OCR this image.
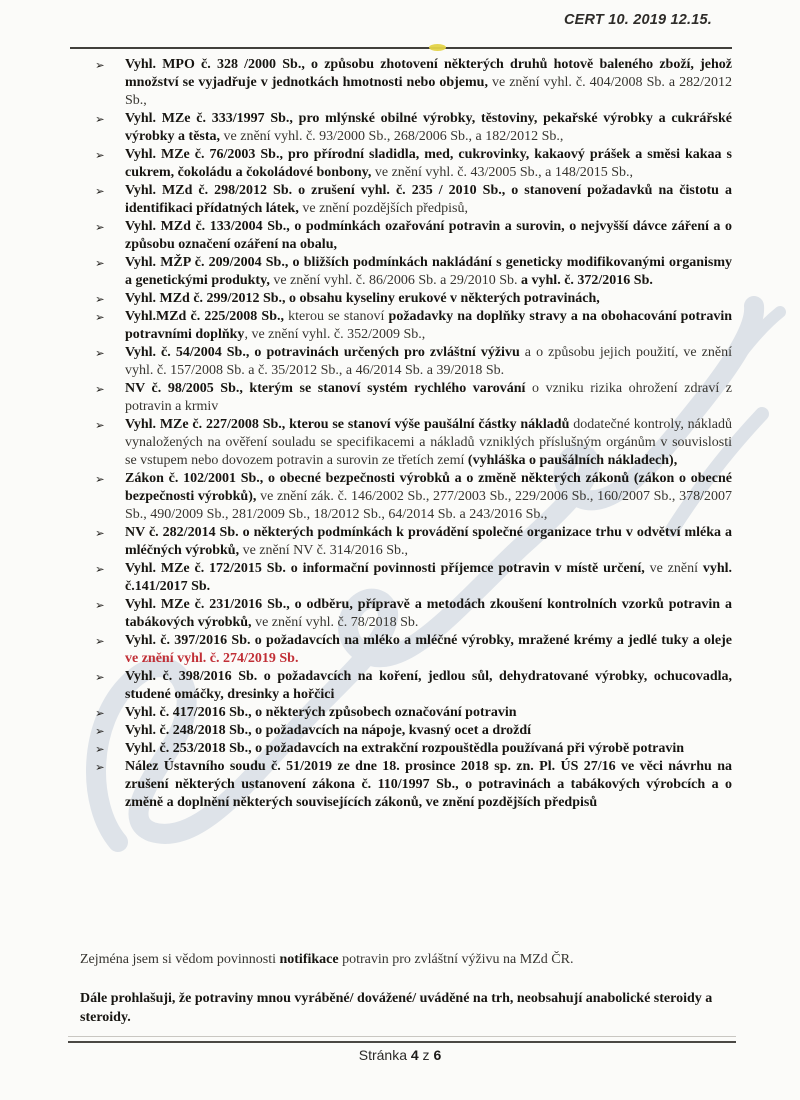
CERT 10. 2019 12.15.
➢	Vyhl. MPO č. 328 /2000 Sb., o způsobu zhotovení některých druhů hotově baleného zboží, jehož množství se vyjadřuje v jednotkách hmotnosti nebo objemu, ve znění vyhl. č. 404/2008 Sb. a 282/2012 Sb.,
➢	Vyhl. MZe č. 333/1997 Sb., pro mlýnské obilné výrobky, těstoviny, pekařské výrobky a cukrářské výrobky a těsta, ve znění vyhl. č. 93/2000 Sb., 268/2006 Sb., a 182/2012 Sb.,
➢	Vyhl. MZe č. 76/2003 Sb., pro přírodní sladidla, med, cukrovinky, kakaový prášek a směsi kakaa s cukrem, čokoládu a čokoládové bonbony, ve znění vyhl. č. 43/2005 Sb., a 148/2015 Sb.,
➢	Vyhl. MZd č. 298/2012 Sb. o zrušení vyhl. č. 235 / 2010 Sb., o stanovení požadavků na čistotu a identifikaci přídatných látek, ve znění pozdějších předpisů,
➢	Vyhl. MZd č. 133/2004 Sb., o podmínkách ozařování potravin a surovin, o nejvyšší dávce záření a o způsobu označení ozáření na obalu,
➢	Vyhl. MŽP č. 209/2004 Sb., o bližších podmínkách nakládání s geneticky modifikovanými organismy a genetickými produkty, ve znění vyhl. č. 86/2006 Sb. a 29/2010 Sb. a vyhl. č. 372/2016 Sb.
➢	Vyhl. MZd č. 299/2012 Sb., o obsahu kyseliny erukové v některých potravinách,
➢	Vyhl.MZd č. 225/2008 Sb., kterou se stanoví požadavky na doplňky stravy a na obohacování potravin potravními doplňky, ve znění vyhl. č. 352/2009 Sb.,
➢	Vyhl. č. 54/2004 Sb., o potravinách určených pro zvláštní výživu a o způsobu jejich použití, ve znění vyhl. č. 157/2008 Sb. a č. 35/2012 Sb., a 46/2014 Sb. a 39/2018 Sb.
➢	NV č. 98/2005 Sb., kterým se stanoví systém rychlého varování o vzniku rizika ohrožení zdraví z potravin a krmiv
➢	Vyhl. MZe č. 227/2008 Sb., kterou se stanoví výše paušální částky nákladů dodatečné kontroly, nákladů vynaložených na ověření souladu se specifikacemi a nákladů vzniklých příslušným orgánům v souvislosti se vstupem nebo dovozem potravin a surovin ze třetích zemí (vyhláška o paušálních nákladech),
➢	Zákon č. 102/2001 Sb., o obecné bezpečnosti výrobků a o změně některých zákonů (zákon o obecné bezpečnosti výrobků), ve znění zák. č. 146/2002 Sb., 277/2003 Sb., 229/2006 Sb., 160/2007 Sb., 378/2007 Sb., 490/2009 Sb., 281/2009 Sb., 18/2012 Sb., 64/2014 Sb. a 243/2016 Sb.,
➢	NV č. 282/2014 Sb. o některých podmínkách k provádění společné organizace trhu v odvětví mléka a mléčných výrobků, ve znění NV č. 314/2016 Sb.,
➢	Vyhl. MZe č. 172/2015 Sb. o informační povinnosti příjemce potravin v místě určení, ve znění vyhl. č.141/2017 Sb.
➢	Vyhl. MZe č. 231/2016 Sb., o odběru, přípravě a metodách zkoušení kontrolních vzorků potravin a tabákových výrobků, ve znění vyhl. č. 78/2018 Sb.
➢	Vyhl. č. 397/2016 Sb. o požadavcích na mléko a mléčné výrobky, mražené krémy a jedlé tuky a oleje ve znění vyhl. č. 274/2019 Sb.
➢	Vyhl. č. 398/2016 Sb. o požadavcích na koření, jedlou sůl, dehydratované výrobky, ochucovadla, studené omáčky, dresinky a hořčici
➢	Vyhl. č. 417/2016 Sb., o některých způsobech označování potravin
➢	Vyhl. č. 248/2018 Sb., o požadavcích na nápoje, kvasný ocet a droždí
➢	Vyhl. č. 253/2018 Sb., o požadavcích na extrakční rozpouštědla používaná při výrobě potravin
➢	Nález Ústavního soudu č. 51/2019 ze dne 18. prosince 2018 sp. zn. Pl. ÚS 27/16 ve věci návrhu na zrušení některých ustanovení zákona č. 110/1997 Sb., o potravinách a tabákových výrobcích a o změně a doplnění některých souvisejících zákonů, ve znění pozdějších předpisů
Zejména jsem si vědom povinnosti notifikace potravin pro zvláštní výživu na MZd ČR.
Dále prohlašuji, že potraviny mnou vyráběné/ dovážené/ uváděné na trh, neobsahují anabolické steroidy a steroidy.
Stránka 4 z 6
